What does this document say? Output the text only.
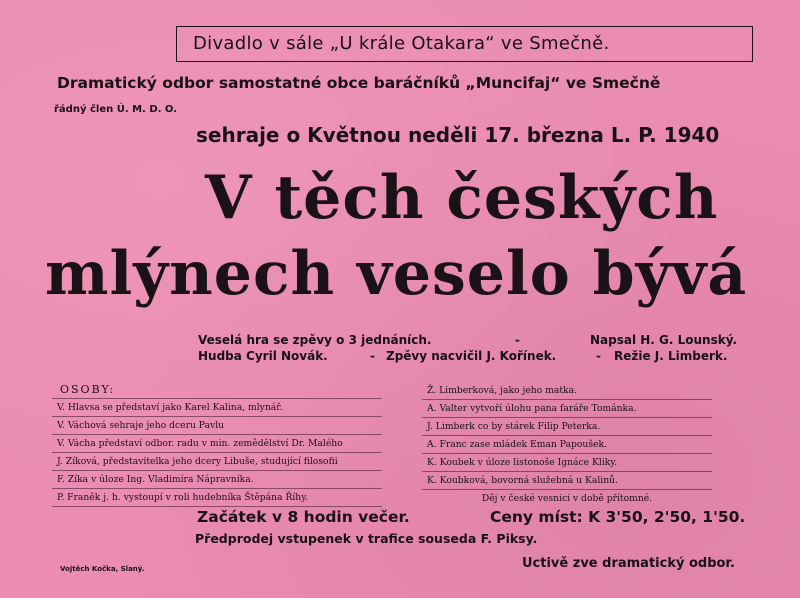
Divadlo v sále „U krále Otakara“ ve Smečně.
Dramatický odbor samostatné obce baráčníků „Muncifaj“ ve Smečně
řádný člen Ú. M. D. O.
sehraje o Květnou neděli 17. března L. P. 1940
V těch českých
mlýnech veselo bývá
Veselá hra se zpěvy o 3 jednáních.	-	Napsal H. G. Lounský.
Hudba Cyril Novák.	- Zpěvy nacvičil J. Kořínek.	- Režie J. Limberk.
OSOBY:
V. Hlavsa se představí jako Karel Kalina, mlynář.
V. Váchová sehraje jeho dceru Pavlu
V. Vácha představí odbor. radu v min. zemědělství Dr. Malého
J. Zíková, představitelka jeho dcery Libuše, studující filosofii
F. Zíka v úloze Ing. Vladimíra Nápravníka.
P. Franěk j. h. vystoupí v roli hudebníka Štěpána Říhy.
Ž. Limberková, jako jeho matka.
A. Valter vytvoří úlohu pana faráře Tománka.
J. Limberk co by stárek Filip Peterka.
A. Franc zase mládek Eman Papoušek.
K. Koubek v úloze listonoše Ignáce Kliky.
K. Koubková, bovorná služebná u Kalinů.
Děj v české vesnici v době přítomné.
Začátek v 8 hodin večer.	Ceny míst: K 3'50, 2'50, 1'50.
Předprodej vstupenek v trafice souseda F. Piksy.
Vojtěch Kočka, Slaný.	Uctivě zve dramatický odbor.
